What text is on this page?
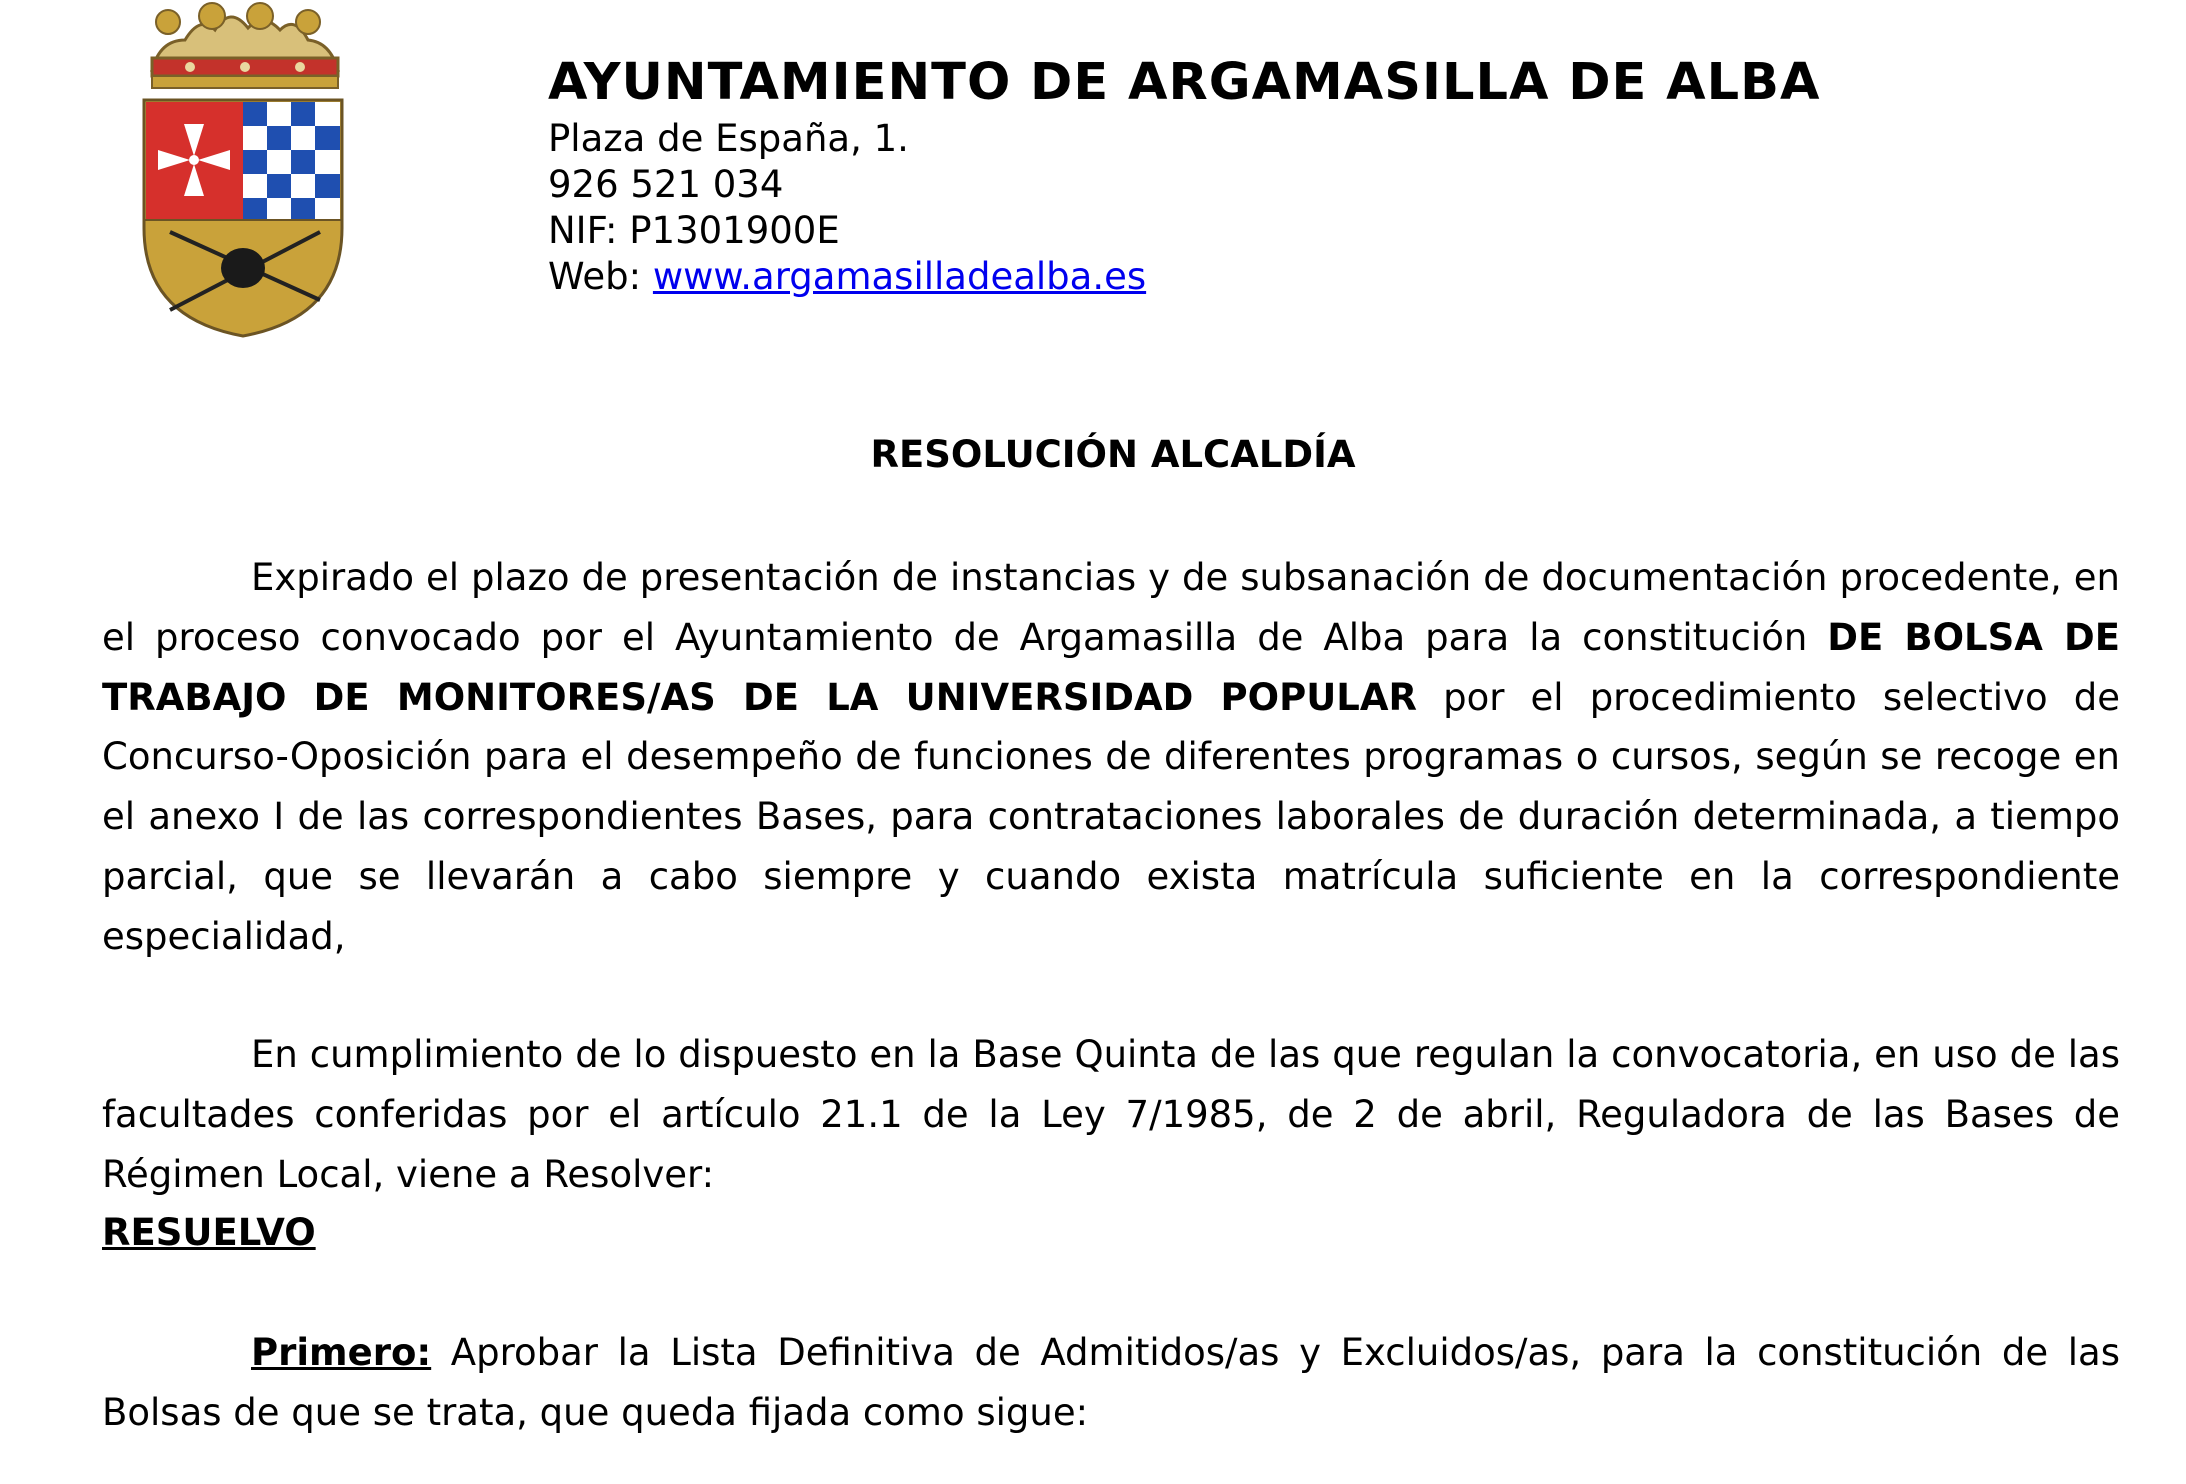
AYUNTAMIENTO DE ARGAMASILLA DE ALBA
Plaza de España, 1.
926 521 034
NIF: P1301900E
Web: www.argamasilladealba.es
RESOLUCIÓN ALCALDÍA
Expirado el plazo de presentación de instancias y de subsanación de documentación procedente, en el proceso convocado por el Ayuntamiento de Argamasilla de Alba para la constitución DE BOLSA DE TRABAJO DE MONITORES/AS DE LA UNIVERSIDAD POPULAR por el procedimiento selectivo de Concurso-Oposición para el desempeño de funciones de diferentes programas o cursos, según se recoge en el anexo I de las correspondientes Bases, para contrataciones laborales de duración determinada, a tiempo parcial, que se llevarán a cabo siempre y cuando exista matrícula suficiente en la correspondiente especialidad,
En cumplimiento de lo dispuesto en la Base Quinta de las que regulan la convocatoria, en uso de las facultades conferidas por el artículo 21.1 de la Ley 7/1985, de 2 de abril, Reguladora de las Bases de Régimen Local, viene a Resolver:
RESUELVO
Primero: Aprobar la Lista Definitiva de Admitidos/as y Excluidos/as, para la constitución de las Bolsas de que se trata, que queda fijada como sigue:
